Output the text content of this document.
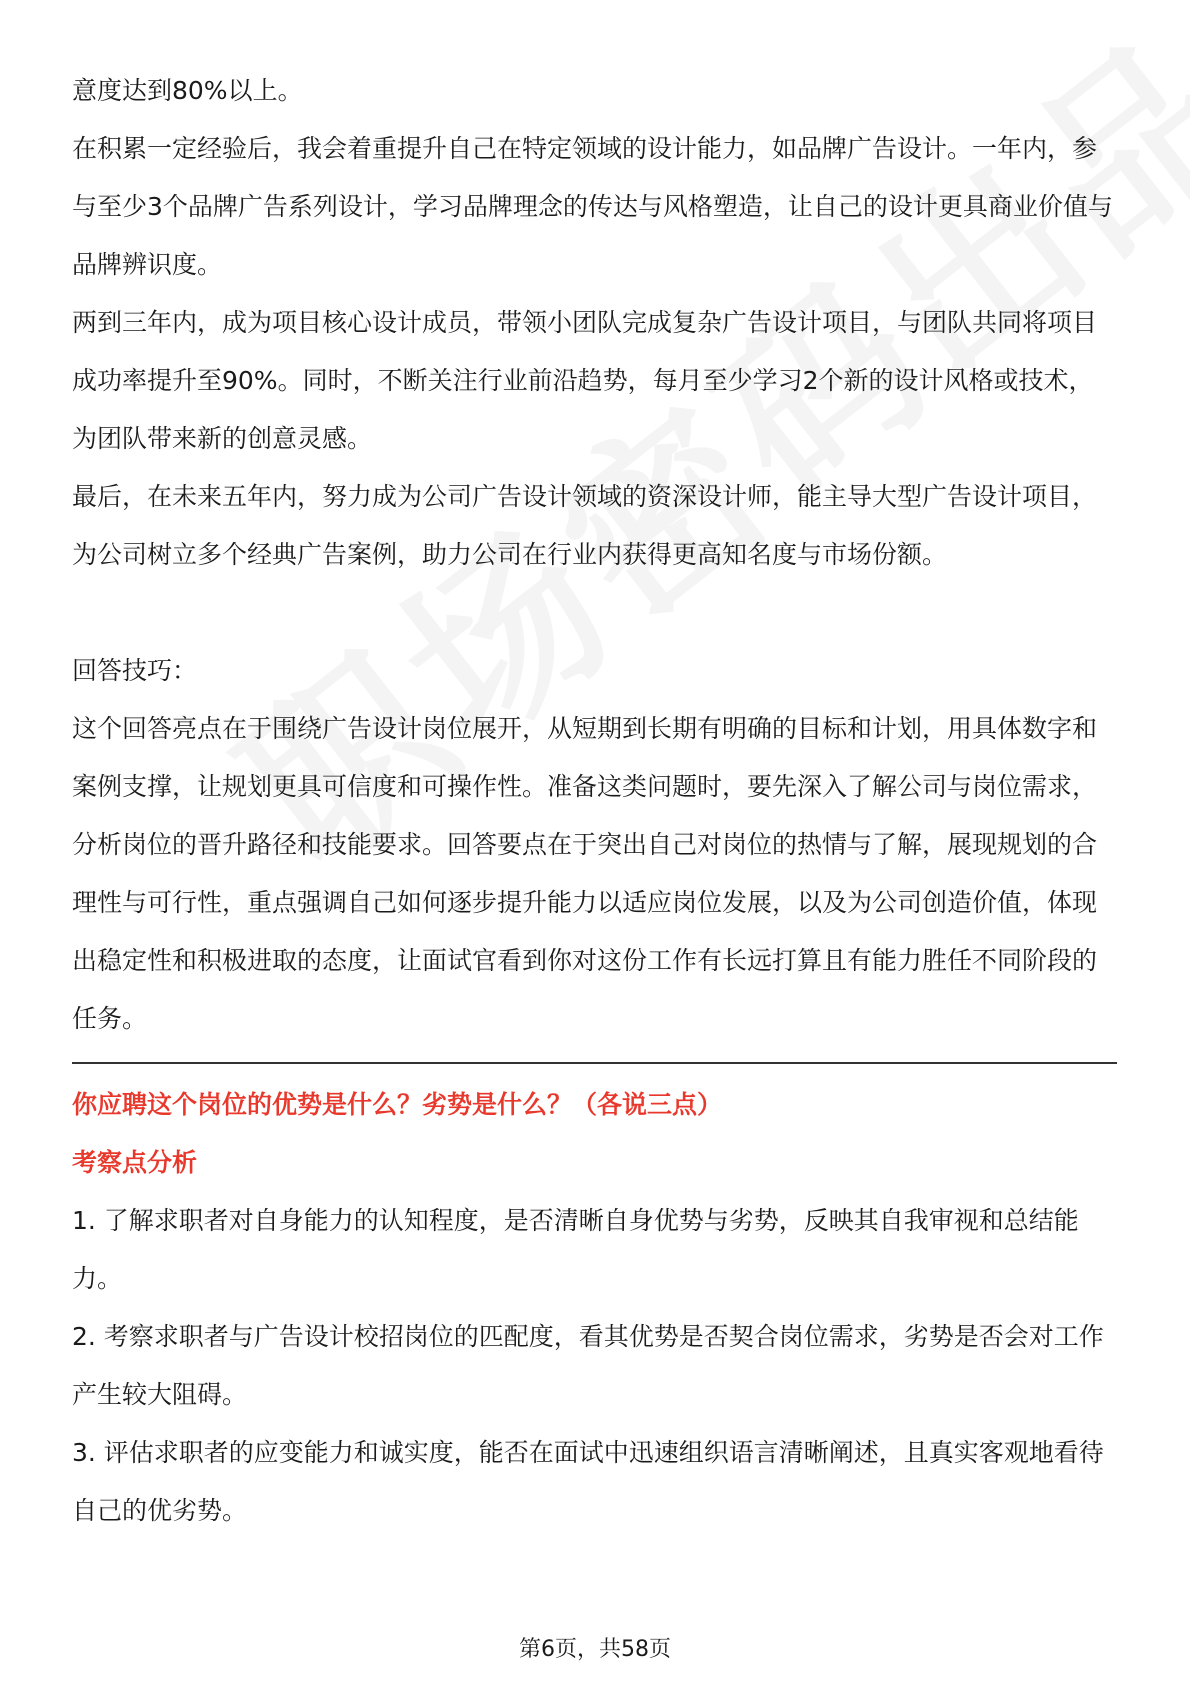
意度达到80%以上。

在积累一定经验后，我会着重提升自己在特定领域的设计能力，如品牌广告设计。一年内，参与至少3个品牌广告系列设计，学习品牌理念的传达与风格塑造，让自己的设计更具商业价值与品牌辨识度。

两到三年内，成为项目核心设计成员，带领小团队完成复杂广告设计项目，与团队共同将项目成功率提升至90%。同时，不断关注行业前沿趋势，每月至少学习2个新的设计风格或技术，为团队带来新的创意灵感。

最后，在未来五年内，努力成为公司广告设计领域的资深设计师，能主导大型广告设计项目，为公司树立多个经典广告案例，助力公司在行业内获得更高知名度与市场份额。

回答技巧：

这个回答亮点在于围绕广告设计岗位展开，从短期到长期有明确的目标和计划，用具体数字和案例支撑，让规划更具可信度和可操作性。准备这类问题时，要先深入了解公司与岗位需求，分析岗位的晋升路径和技能要求。回答要点在于突出自己对岗位的热情与了解，展现规划的合理性与可行性，重点强调自己如何逐步提升能力以适应岗位发展，以及为公司创造价值，体现出稳定性和积极进取的态度，让面试官看到你对这份工作有长远打算且有能力胜任不同阶段的任务。

你应聘这个岗位的优势是什么？劣势是什么？（各说三点）

考察点分析

1. 了解求职者对自身能力的认知程度，是否清晰自身优势与劣势，反映其自我审视和总结能力。

2. 考察求职者与广告设计校招岗位的匹配度，看其优势是否契合岗位需求，劣势是否会对工作产生较大阻碍。

3. 评估求职者的应变能力和诚实度，能否在面试中迅速组织语言清晰阐述，且真实客观地看待自己的优劣势。

第6页，共58页
